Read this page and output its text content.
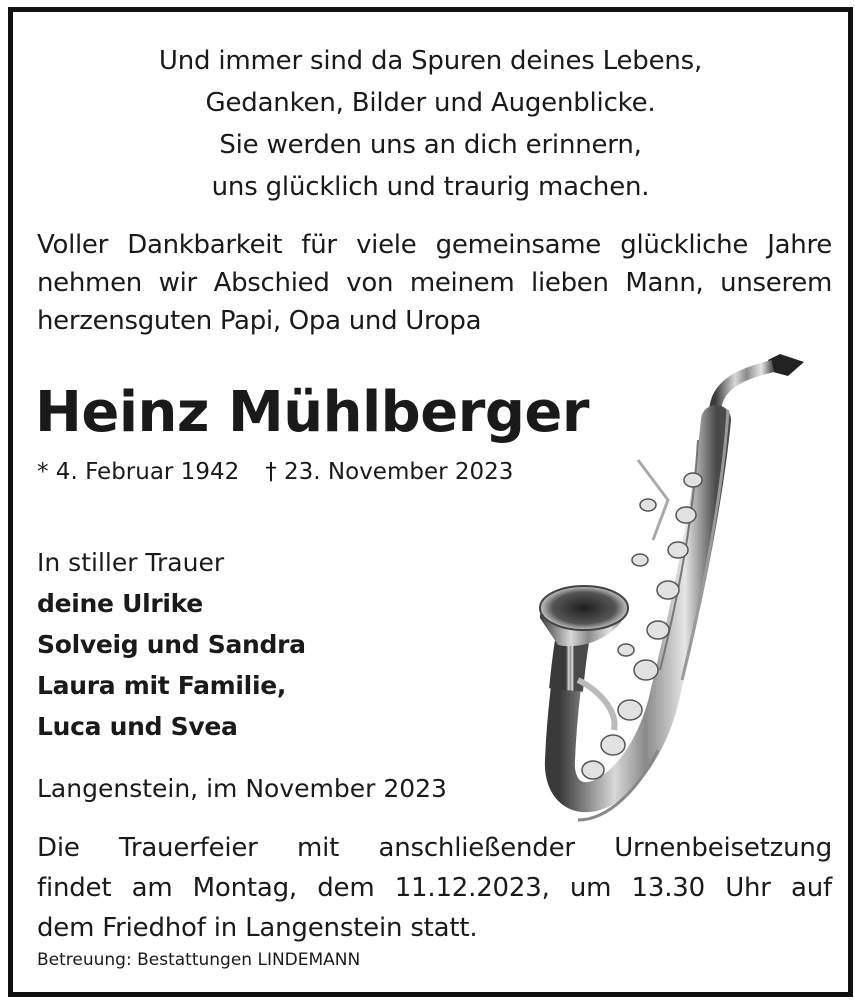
Und immer sind da Spuren deines Lebens,
Gedanken, Bilder und Augenblicke.
Sie werden uns an dich erinnern,
uns glücklich und traurig machen.
Voller Dankbarkeit für viele gemeinsame glückliche Jahre
nehmen wir Abschied von meinem lieben Mann, unserem
herzensguten Papi, Opa und Uropa
Heinz Mühlberger
* 4. Februar 1942 † 23. November 2023
In stiller Trauer
deine Ulrike
Solveig und Sandra
Laura mit Familie,
Luca und Svea
Langenstein, im November 2023
Die Trauerfeier mit anschließender Urnenbeisetzung
findet am Montag, dem 11.12.2023, um 13.30 Uhr auf
dem Friedhof in Langenstein statt.
Betreuung: Bestattungen LINDEMANN
